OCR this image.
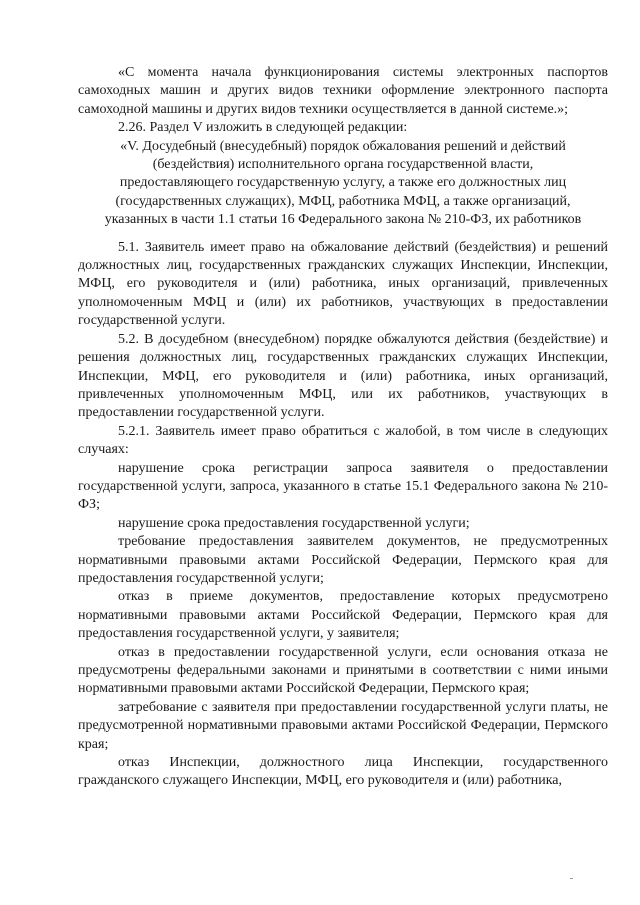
«С момента начала функционирования системы электронных паспортов самоходных машин и других видов техники оформление электронного паспорта самоходной машины и других видов техники осуществляется в данной системе.»;

2.26. Раздел V изложить в следующей редакции:

«V. Досудебный (внесудебный) порядок обжалования решений и действий

(бездействия) исполнительного органа государственной власти,

предоставляющего государственную услугу, а также его должностных лиц

(государственных служащих), МФЦ, работника МФЦ, а также организаций,

указанных в части 1.1 статьи 16 Федерального закона № 210-ФЗ, их работников

5.1. Заявитель имеет право на обжалование действий (бездействия) и решений должностных лиц, государственных гражданских служащих Инспекции, Инспекции, МФЦ, его руководителя и (или) работника, иных организаций, привлеченных уполномоченным МФЦ и (или) их работников, участвующих в предоставлении государственной услуги.

5.2. В досудебном (внесудебном) порядке обжалуются действия (бездействие) и решения должностных лиц, государственных гражданских служащих Инспекции, Инспекции, МФЦ, его руководителя и (или) работника, иных организаций, привлеченных уполномоченным МФЦ, или их работников, участвующих в предоставлении государственной услуги.

5.2.1. Заявитель имеет право обратиться с жалобой, в том числе в следующих случаях:

нарушение срока регистрации запроса заявителя о предоставлении государственной услуги, запроса, указанного в статье 15.1 Федерального закона № 210-ФЗ;

нарушение срока предоставления государственной услуги;

требование предоставления заявителем документов, не предусмотренных нормативными правовыми актами Российской Федерации, Пермского края для предоставления государственной услуги;

отказ в приеме документов, предоставление которых предусмотрено нормативными правовыми актами Российской Федерации, Пермского края для предоставления государственной услуги, у заявителя;

отказ в предоставлении государственной услуги, если основания отказа не предусмотрены федеральными законами и принятыми в соответствии с ними иными нормативными правовыми актами Российской Федерации, Пермского края;

затребование с заявителя при предоставлении государственной услуги платы, не предусмотренной нормативными правовыми актами Российской Федерации, Пермского края;

отказ Инспекции, должностного лица Инспекции, государственного гражданского служащего Инспекции, МФЦ, его руководителя и (или) работника,
